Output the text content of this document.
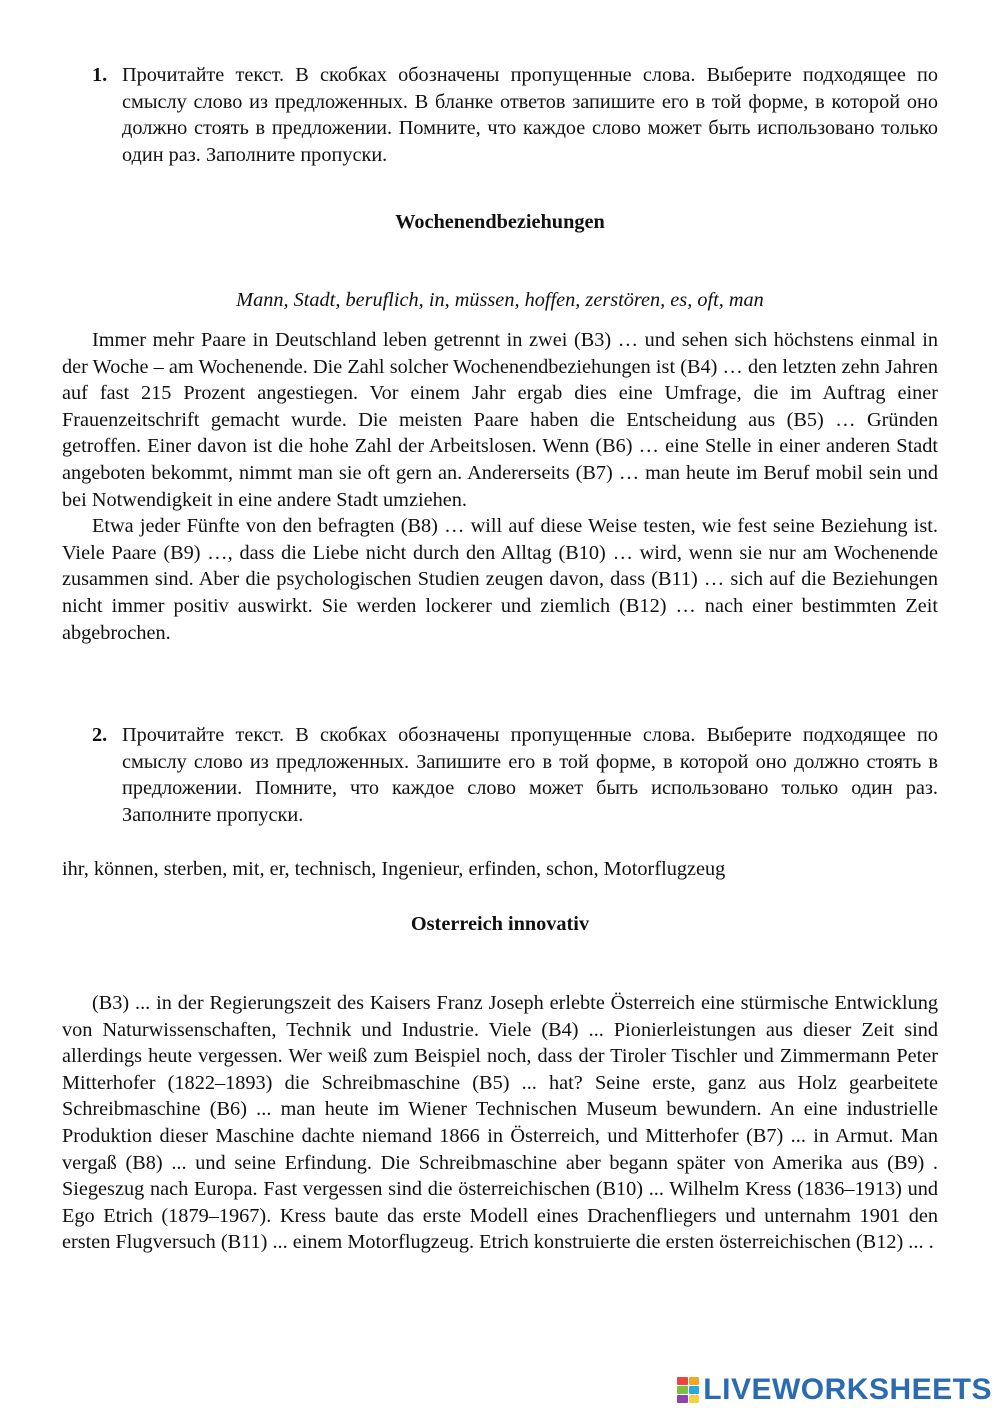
1. Прочитайте текст. В скобках обозначены пропущенные слова. Выберите подходящее по смыслу слово из предложенных. В бланке ответов запишите его в той форме, в которой оно должно стоять в предложении. Помните, что каждое слово может быть использовано только один раз. Заполните пропуски.
Wochenendbeziehungen
Mann, Stadt, beruflich, in, müssen, hoffen, zerstören, es, oft, man

Immer mehr Paare in Deutschland leben getrennt in zwei (B3) … und sehen sich höchstens einmal in der Woche – am Wochenende. Die Zahl solcher Wochenendbeziehungen ist (B4) … den letzten zehn Jahren auf fast 215 Prozent angestiegen. Vor einem Jahr ergab dies eine Umfrage, die im Auftrag einer Frauenzeitschrift gemacht wurde. Die meisten Paare haben die Entscheidung aus (B5) … Gründen getroffen. Einer davon ist die hohe Zahl der Arbeitslosen. Wenn (B6) … eine Stelle in einer anderen Stadt angeboten bekommt, nimmt man sie oft gern an. Andererseits (B7) … man heute im Beruf mobil sein und bei Notwendigkeit in eine andere Stadt umziehen.

Etwa jeder Fünfte von den befragten (B8) … will auf diese Weise testen, wie fest seine Beziehung ist. Viele Paare (B9) …, dass die Liebe nicht durch den Alltag (B10) … wird, wenn sie nur am Wochenende zusammen sind. Aber die psychologischen Studien zeugen davon, dass (B11) … sich auf die Beziehungen nicht immer positiv auswirkt. Sie werden lockerer und ziemlich (B12) … nach einer bestimmten Zeit abgebrochen.

2. Прочитайте текст. В скобках обозначены пропущенные слова. Выберите подходящее по смыслу слово из предложенных. Запишите его в той форме, в которой оно должно стоять в предложении. Помните, что каждое слово может быть использовано только один раз. Заполните пропуски.
ihr, können, sterben, mit, er, technisch, Ingenieur, erfinden, schon, Motorflugzeug
Osterreich innovativ

(B3) ... in der Regierungszeit des Kaisers Franz Joseph erlebte Österreich eine stürmische Entwicklung von Naturwissenschaften, Technik und Industrie. Viele (B4) ... Pionierleistungen aus dieser Zeit sind allerdings heute vergessen. Wer weiß zum Beispiel noch, dass der Tiroler Tischler und Zimmermann Peter Mitterhofer (1822–1893) die Schreibmaschine (B5) ... hat? Seine erste, ganz aus Holz gearbeitete Schreibmaschine (B6) ... man heute im Wiener Technischen Museum bewundern. An eine industrielle Produktion dieser Maschine dachte niemand 1866 in Österreich, und Mitterhofer (B7) ... in Armut. Man vergaß (B8) ... und seine Erfindung. Die Schreibmaschine aber begann später von Amerika aus (B9) . Siegeszug nach Europa. Fast vergessen sind die österreichischen (B10) ... Wilhelm Kress (1836–1913) und Ego Etrich (1879–1967). Kress baute das erste Modell eines Drachenfliegers und unternahm 1901 den ersten Flugversuch (B11) ... einem Motorflugzeug. Etrich konstruierte die ersten österreichischen (B12) ... .

LIVEWORKSHEETS
